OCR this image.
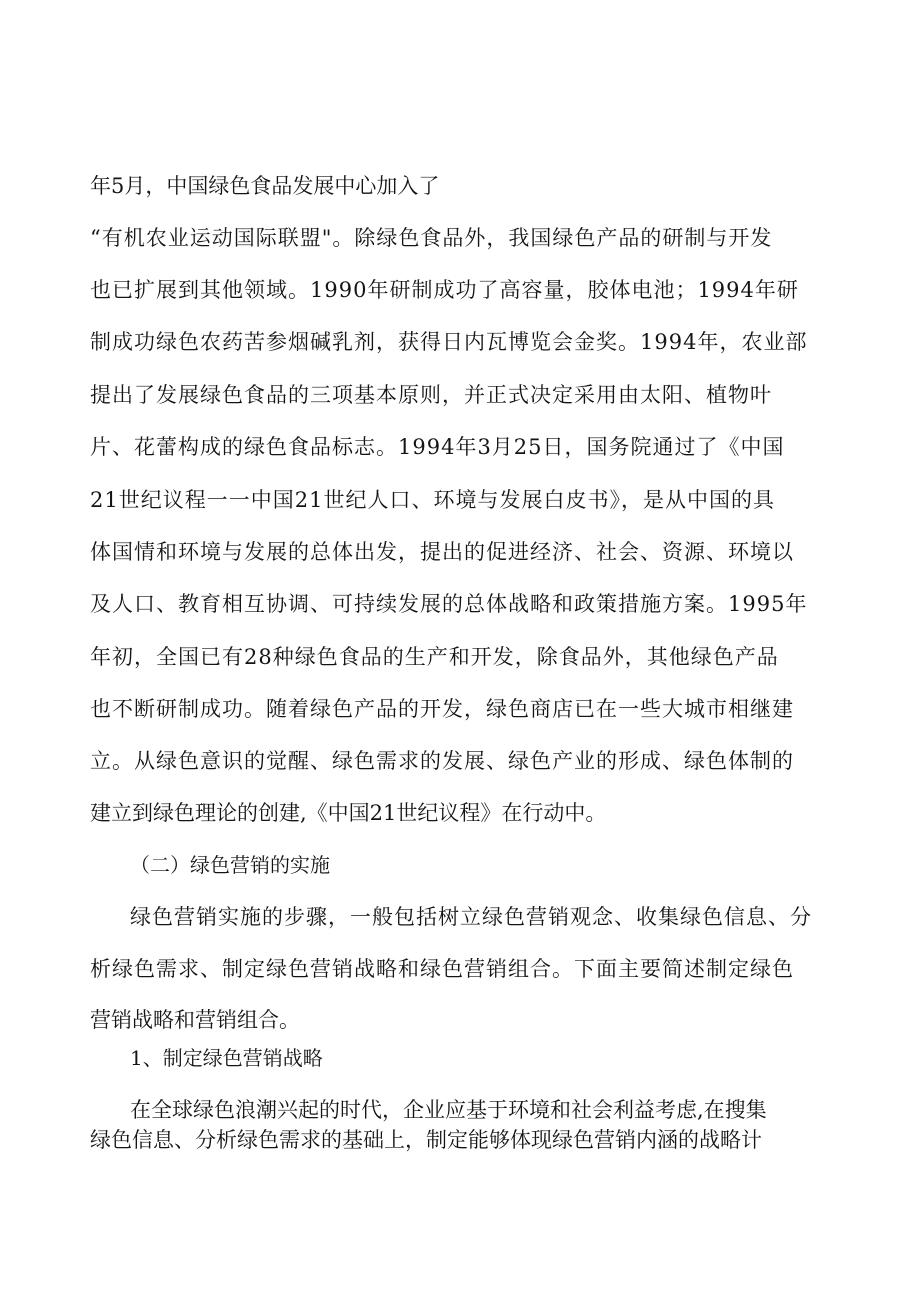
年5月，中国绿色食品发展中心加入了
“有机农业运动国际联盟"。除绿色食品外，我国绿色产品的研制与开发
也已扩展到其他领域。1990年研制成功了高容量，胶体电池；1994年研
制成功绿色农药苦参烟碱乳剂，获得日内瓦博览会金奖。1994年，农业部
提出了发展绿色食品的三项基本原则，并正式决定采用由太阳、植物叶
片、花蕾构成的绿色食品标志。1994年3月25日，国务院通过了《中国
21世纪议程一一中国21世纪人口、环境与发展白皮书》，是从中国的具
体国情和环境与发展的总体出发，提出的促进经济、社会、资源、环境以
及人口、教育相互协调、可持续发展的总体战略和政策措施方案。1995年
年初，全国已有28种绿色食品的生产和开发，除食品外，其他绿色产品
也不断研制成功。随着绿色产品的开发，绿色商店已在一些大城市相继建
立。从绿色意识的觉醒、绿色需求的发展、绿色产业的形成、绿色体制的
建立到绿色理论的创建,《中国21世纪议程》在行动中。
（二）绿色营销的实施
绿色营销实施的步骤，一般包括树立绿色营销观念、收集绿色信息、分
析绿色需求、制定绿色营销战略和绿色营销组合。下面主要简述制定绿色
营销战略和营销组合。
1、制定绿色营销战略
在全球绿色浪潮兴起的时代，企业应基于环境和社会利益考虑,在搜集
绿色信息、分析绿色需求的基础上，制定能够体现绿色营销内涵的战略计
